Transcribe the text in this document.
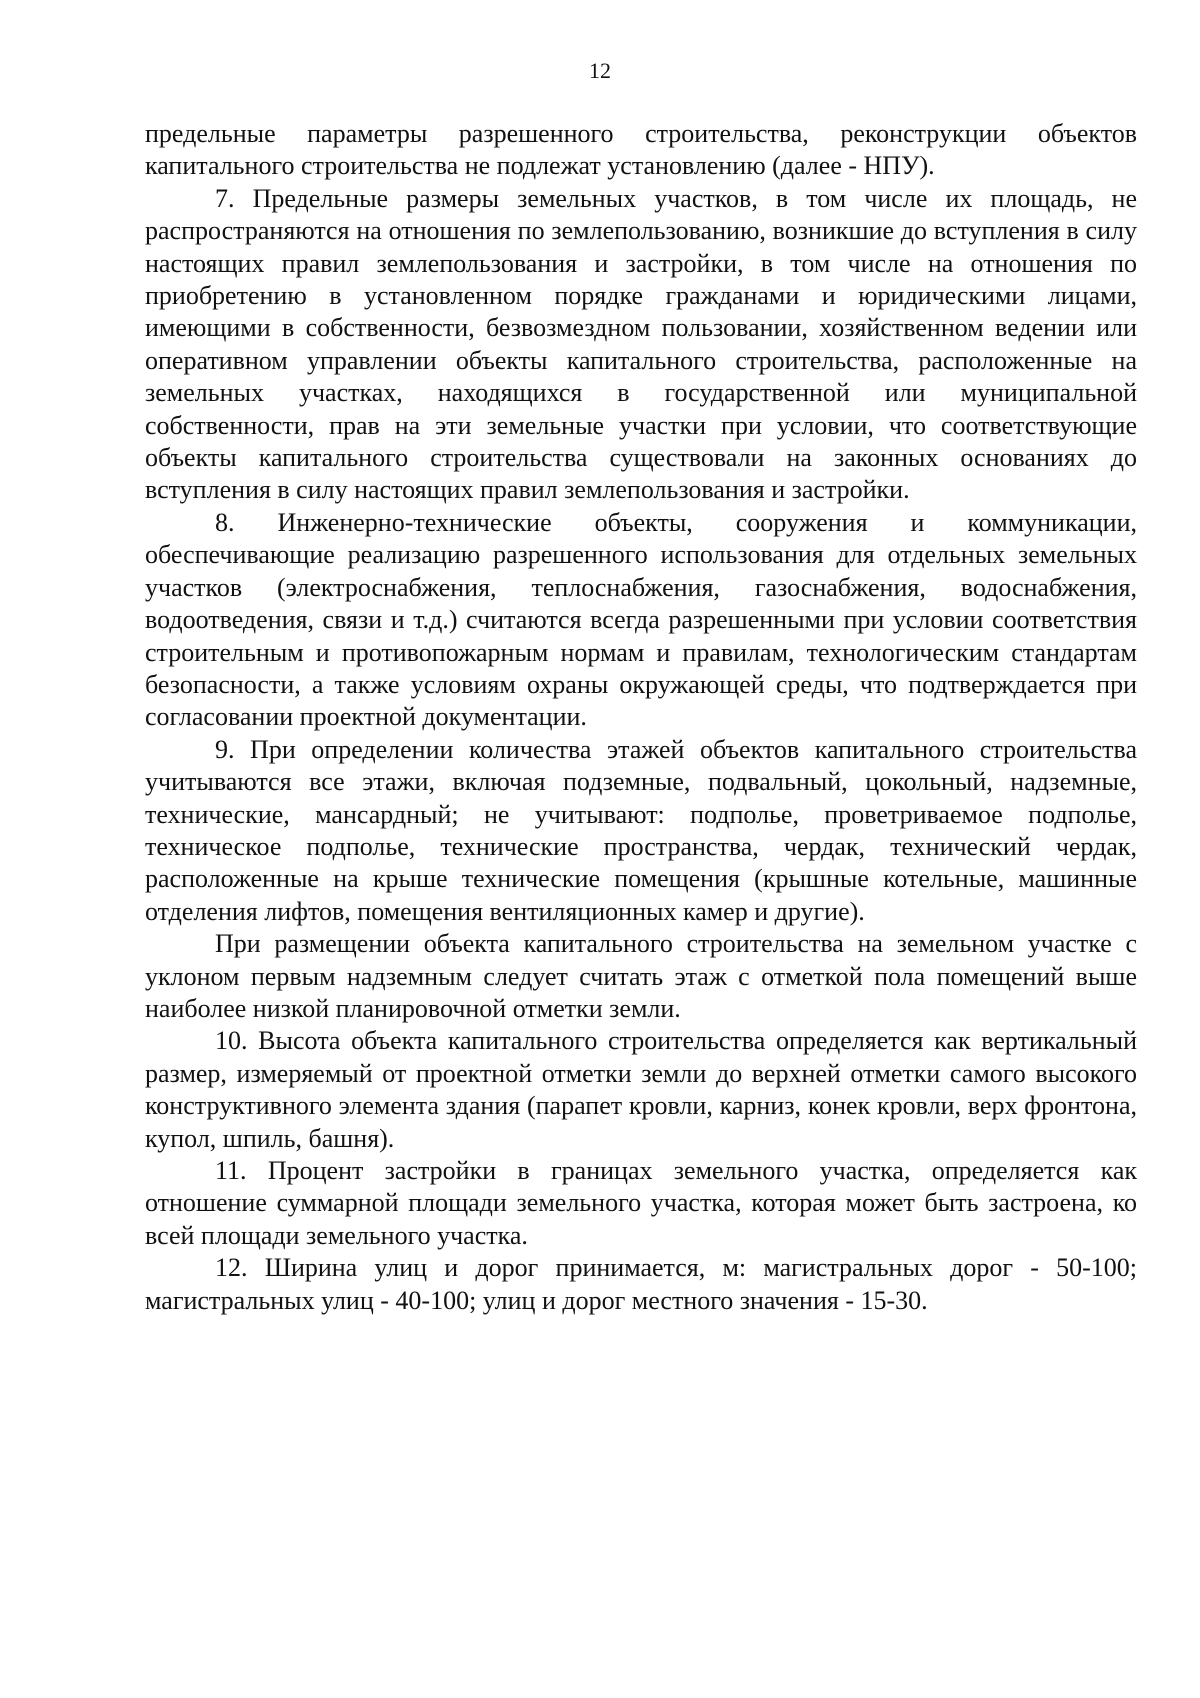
12

предельные параметры разрешенного строительства, реконструкции объектов капитального строительства не подлежат установлению (далее - НПУ).

7. Предельные размеры земельных участков, в том числе их площадь, не распространяются на отношения по землепользованию, возникшие до вступления в силу настоящих правил землепользования и застройки, в том числе на отношения по приобретению в установленном порядке гражданами и юридическими лицами, имеющими в собственности, безвозмездном пользовании, хозяйственном ведении или оперативном управлении объекты капитального строительства, расположенные на земельных участках, находящихся в государственной или муниципальной собственности, прав на эти земельные участки при условии, что соответствующие объекты капитального строительства существовали на законных основаниях до вступления в силу настоящих правил землепользования и застройки.

8. Инженерно-технические объекты, сооружения и коммуникации, обеспечивающие реализацию разрешенного использования для отдельных земельных участков (электроснабжения, теплоснабжения, газоснабжения, водоснабжения, водоотведения, связи и т.д.) считаются всегда разрешенными при условии соответствия строительным и противопожарным нормам и правилам, технологическим стандартам безопасности, а также условиям охраны окружающей среды, что подтверждается при согласовании проектной документации.

9. При определении количества этажей объектов капитального строительства учитываются все этажи, включая подземные, подвальный, цокольный, надземные, технические, мансардный; не учитывают: подполье, проветриваемое подполье, техническое подполье, технические пространства, чердак, технический чердак, расположенные на крыше технические помещения (крышные котельные, машинные отделения лифтов, помещения вентиляционных камер и другие).

При размещении объекта капитального строительства на земельном участке с уклоном первым надземным следует считать этаж с отметкой пола помещений выше наиболее низкой планировочной отметки земли.

10. Высота объекта капитального строительства определяется как вертикальный размер, измеряемый от проектной отметки земли до верхней отметки самого высокого конструктивного элемента здания (парапет кровли, карниз, конек кровли, верх фронтона, купол, шпиль, башня).

11. Процент застройки в границах земельного участка, определяется как отношение суммарной площади земельного участка, которая может быть застроена, ко всей площади земельного участка.

12. Ширина улиц и дорог принимается, м: магистральных дорог - 50-100; магистральных улиц - 40-100; улиц и дорог местного значения - 15-30.
